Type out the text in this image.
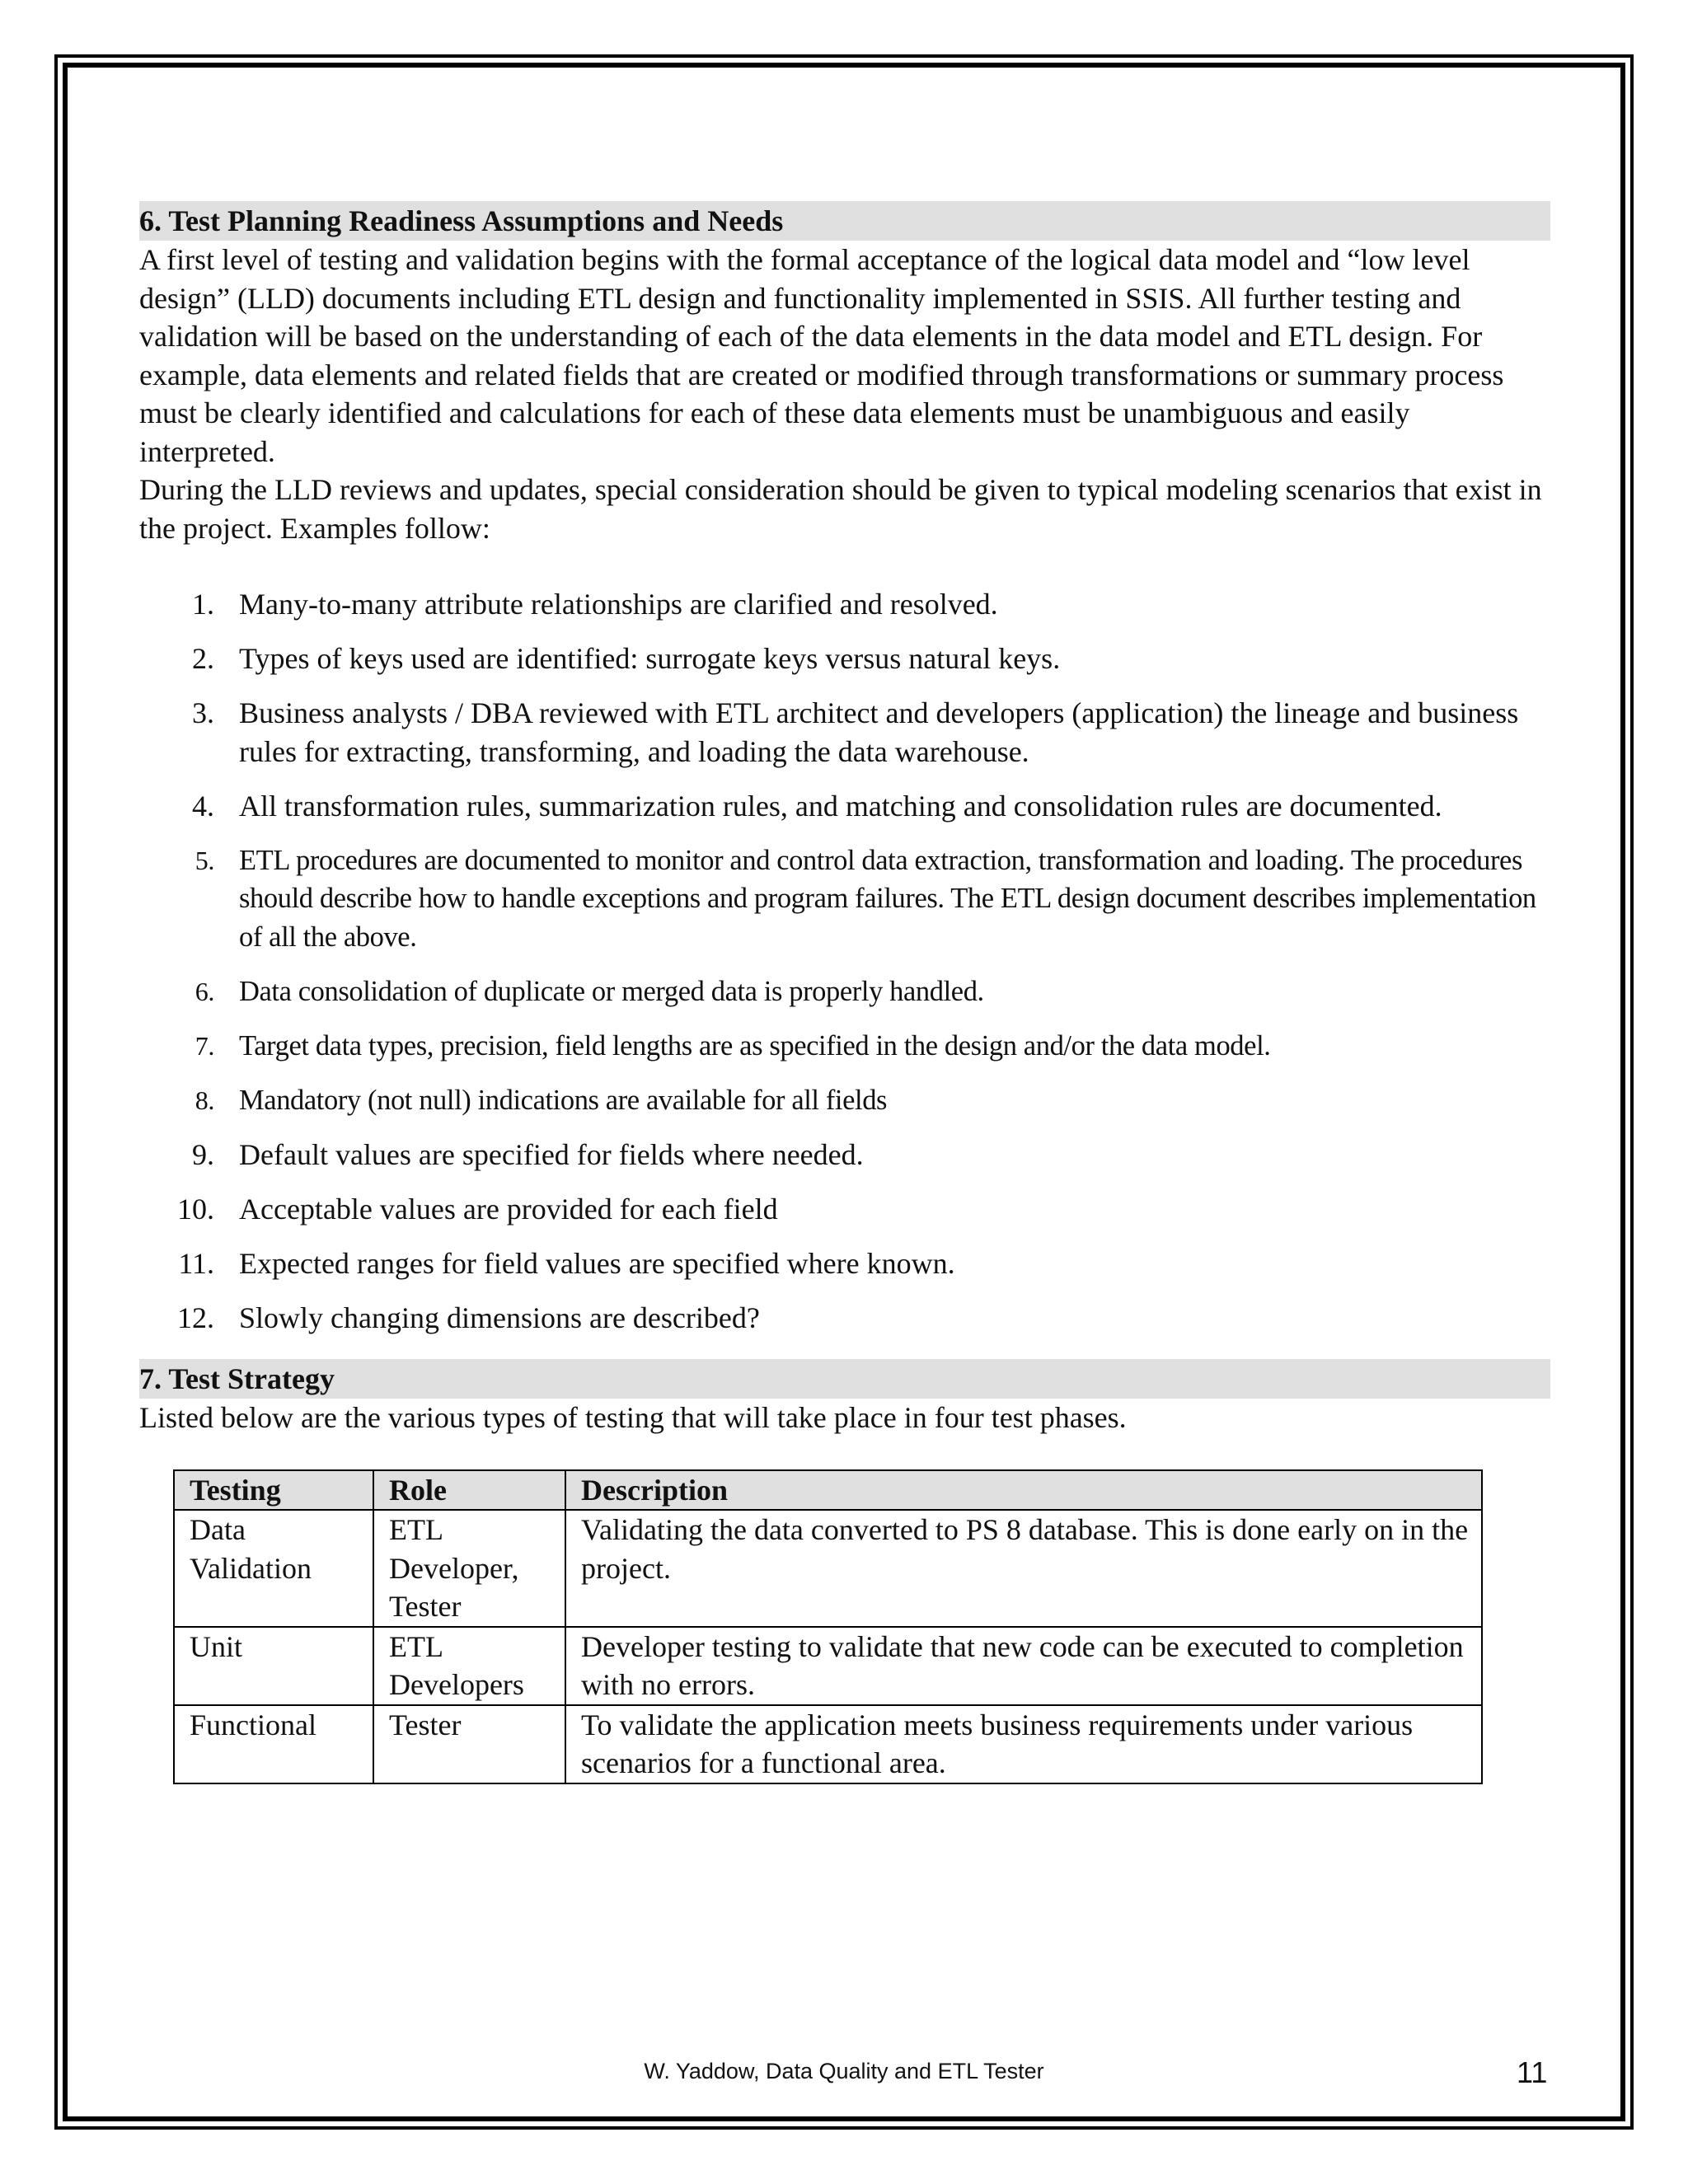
6. Test Planning Readiness Assumptions and Needs

A first level of testing and validation begins with the formal acceptance of the logical data model and “low level design” (LLD) documents including ETL design and functionality implemented in SSIS. All further testing and validation will be based on the understanding of each of the data elements in the data model and ETL design. For example, data elements and related fields that are created or modified through transformations or summary process must be clearly identified and calculations for each of these data elements must be unambiguous and easily interpreted.

During the LLD reviews and updates, special consideration should be given to typical modeling scenarios that exist in the project. Examples follow:

1. Many-to-many attribute relationships are clarified and resolved.
2. Types of keys used are identified: surrogate keys versus natural keys.
3. Business analysts / DBA reviewed with ETL architect and developers (application) the lineage and business rules for extracting, transforming, and loading the data warehouse.
4. All transformation rules, summarization rules, and matching and consolidation rules are documented.
5. ETL procedures are documented to monitor and control data extraction, transformation and loading. The procedures should describe how to handle exceptions and program failures. The ETL design document describes implementation of all the above.
6. Data consolidation of duplicate or merged data is properly handled.
7. Target data types, precision, field lengths are as specified in the design and/or the data model.
8. Mandatory (not null) indications are available for all fields
9. Default values are specified for fields where needed.
10. Acceptable values are provided for each field
11. Expected ranges for field values are specified where known.
12. Slowly changing dimensions are described?
7. Test Strategy

Listed below are the various types of testing that will take place in four test phases.

Testing	Role	Description
Data Validation	ETL Developer, Tester	Validating the data converted to PS 8 database. This is done early on in the project.
Unit	ETL Developers	Developer testing to validate that new code can be executed to completion with no errors.
Functional	Tester	To validate the application meets business requirements under various scenarios for a functional area.
W. Yaddow, Data Quality and ETL Tester	11
